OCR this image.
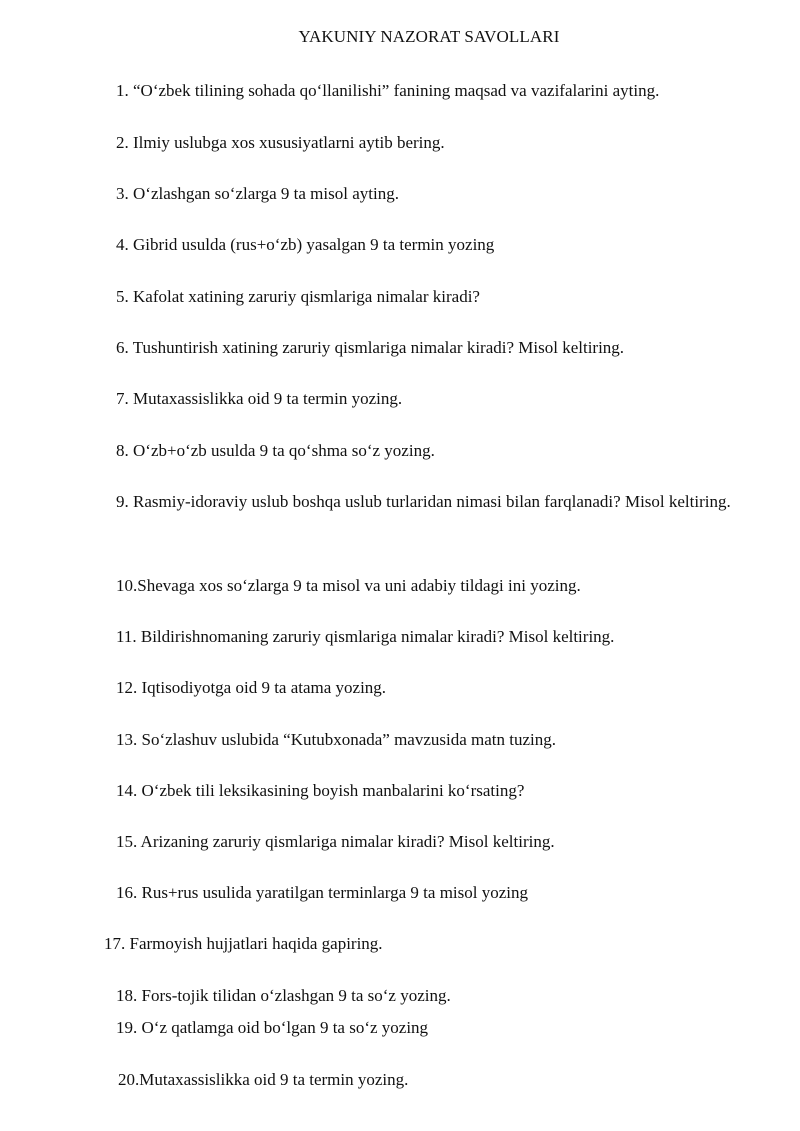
YAKUNIY NAZORAT SAVOLLARI

1. “O‘zbek tilining sohada qo‘llanilishi” fanining maqsad va vazifalarini ayting.

2. Ilmiy uslubga xos xususiyatlarni aytib bering.

3. O‘zlashgan so‘zlarga 9 ta misol ayting.

4. Gibrid usulda (rus+o‘zb) yasalgan 9 ta termin yozing

5. Kafolat xatining zaruriy qismlariga nimalar kiradi?

6. Tushuntirish xatining zaruriy qismlariga nimalar kiradi? Misol keltiring.

7. Mutaxassislikka oid 9 ta termin yozing.

8. O‘zb+o‘zb usulda 9 ta qo‘shma so‘z yozing.

9. Rasmiy-idoraviy uslub boshqa uslub turlaridan nimasi bilan farqlanadi? Misol keltiring.

10.Shevaga xos so‘zlarga 9 ta misol va uni adabiy tildagi ini yozing.

11. Bildirishnomaning zaruriy qismlariga nimalar kiradi? Misol keltiring.

12. Iqtisodiyotga oid 9 ta atama yozing.

13. So‘zlashuv uslubida “Kutubxonada” mavzusida matn tuzing.

14. O‘zbek tili leksikasining boyish manbalarini ko‘rsating?

15. Arizaning zaruriy qismlariga nimalar kiradi? Misol keltiring.

16. Rus+rus usulida yaratilgan terminlarga 9 ta misol yozing

17. Farmoyish hujjatlari haqida gapiring.

18. Fors-tojik tilidan o‘zlashgan 9 ta so‘z yozing.

19. O‘z qatlamga oid bo‘lgan 9 ta so‘z yozing

20.Mutaxassislikka oid 9 ta termin yozing.
